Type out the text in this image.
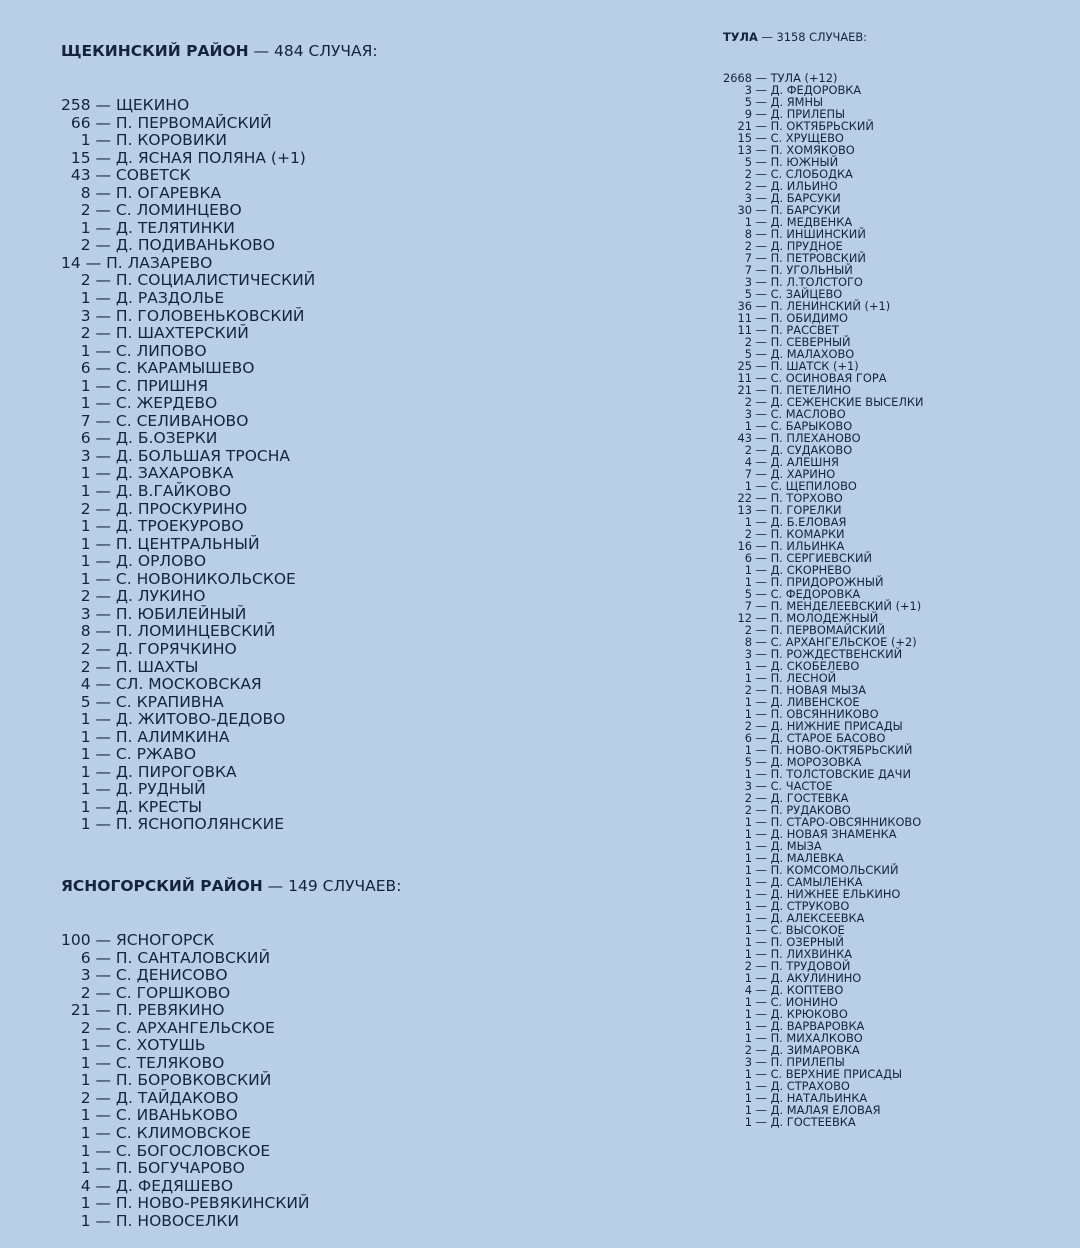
ЩЕКИНСКИЙ РАЙОН — 484 СЛУЧАЯ:

258 — ЩЕКИНО
66 — П. ПЕРВОМАЙСКИЙ
1 — П. КОРОВИКИ
15 — Д. ЯСНАЯ ПОЛЯНА (+1)
43 — СОВЕТСК
8 — П. ОГАРЕВКА
2 — С. ЛОМИНЦЕВО
1 — Д. ТЕЛЯТИНКИ
2 — Д. ПОДИВАНЬКОВО
14 — П. ЛАЗАРЕВО
2 — П. СОЦИАЛИСТИЧЕСКИЙ
1 — Д. РАЗДОЛЬЕ
3 — П. ГОЛОВЕНЬКОВСКИЙ
2 — П. ШАХТЕРСКИЙ
1 — С. ЛИПОВО
6 — С. КАРАМЫШЕВО
1 — С. ПРИШНЯ
1 — С. ЖЕРДЕВО
7 — С. СЕЛИВАНОВО
6 — Д. Б.ОЗЕРКИ
3 — Д. БОЛЬШАЯ ТРОСНА
1 — Д. ЗАХАРОВКА
1 — Д. В.ГАЙКОВО
2 — Д. ПРОСКУРИНО
1 — Д. ТРОЕКУРОВО
1 — П. ЦЕНТРАЛЬНЫЙ
1 — Д. ОРЛОВО
1 — С. НОВОНИКОЛЬСКОЕ
2 — Д. ЛУКИНО
3 — П. ЮБИЛЕЙНЫЙ
8 — П. ЛОМИНЦЕВСКИЙ
2 — Д. ГОРЯЧКИНО
2 — П. ШАХТЫ
4 — СЛ. МОСКОВСКАЯ
5 — С. КРАПИВНА
1 — Д. ЖИТОВО-ДЕДОВО
1 — П. АЛИМКИНА
1 — С. РЖАВО
1 — Д. ПИРОГОВКА
1 — Д. РУДНЫЙ
1 — Д. КРЕСТЫ
1 — П. ЯСНОПОЛЯНСКИЕ

ЯСНОГОРСКИЙ РАЙОН — 149 СЛУЧАЕВ:

100 — ЯСНОГОРСК
6 — П. САНТАЛОВСКИЙ
3 — С. ДЕНИСОВО
2 — С. ГОРШКОВО
21 — П. РЕВЯКИНО
2 — С. АРХАНГЕЛЬСКОЕ
1 — С. ХОТУШЬ
1 — С. ТЕЛЯКОВО
1 — П. БОРОВКОВСКИЙ
2 — Д. ТАЙДАКОВО
1 — С. ИВАНЬКОВО
1 — С. КЛИМОВСКОЕ
1 — С. БОГОСЛОВСКОЕ
1 — П. БОГУЧАРОВО
4 — Д. ФЕДЯШЕВО
1 — П. НОВО-РЕВЯКИНСКИЙ
1 — П. НОВОСЕЛКИ

ТУЛА — 3158 СЛУЧАЕВ:

2668 — ТУЛА (+12)
3 — Д. ФЕДОРОВКА
5 — Д. ЯМНЫ
9 — Д. ПРИЛЕПЫ
21 — П. ОКТЯБРЬСКИЙ
15 — С. ХРУЩЕВО
13 — П. ХОМЯКОВО
5 — П. ЮЖНЫЙ
2 — С. СЛОБОДКА
2 — Д. ИЛЬИНО
3 — Д. БАРСУКИ
30 — П. БАРСУКИ
1 — Д. МЕДВЕНКА
8 — П. ИНШИНСКИЙ
2 — Д. ПРУДНОЕ
7 — П. ПЕТРОВСКИЙ
7 — П. УГОЛЬНЫЙ
3 — П. Л.ТОЛСТОГО
5 — С. ЗАЙЦЕВО
36 — П. ЛЕНИНСКИЙ (+1)
11 — П. ОБИДИМО
11 — П. РАССВЕТ
2 — П. СЕВЕРНЫЙ
5 — Д. МАЛАХОВО
25 — П. ШАТСК (+1)
11 — С. ОСИНОВАЯ ГОРА
21 — П. ПЕТЕЛИНО
2 — Д. СЕЖЕНСКИЕ ВЫСЕЛКИ
3 — С. МАСЛОВО
1 — С. БАРЫКОВО
43 — П. ПЛЕХАНОВО
2 — Д. СУДАКОВО
4 — Д. АЛЕШНЯ
7 — Д. ХАРИНО
1 — С. ЩЕПИЛОВО
22 — П. ТОРХОВО
13 — П. ГОРЕЛКИ
1 — Д. Б.ЕЛОВАЯ
2 — П. КОМАРКИ
16 — П. ИЛЬИНКА
6 — П. СЕРГИЕВСКИЙ
1 — Д. СКОРНЕВО
1 — П. ПРИДОРОЖНЫЙ
5 — С. ФЕДОРОВКА
7 — П. МЕНДЕЛЕЕВСКИЙ (+1)
12 — П. МОЛОДЕЖНЫЙ
2 — П. ПЕРВОМАЙСКИЙ
8 — С. АРХАНГЕЛЬСКОЕ (+2)
3 — П. РОЖДЕСТВЕНСКИЙ
1 — Д. СКОБЕЛЕВО
1 — П. ЛЕСНОЙ
2 — П. НОВАЯ МЫЗА
1 — Д. ЛИВЕНСКОЕ
1 — П. ОВСЯННИКОВО
2 — Д. НИЖНИЕ ПРИСАДЫ
6 — Д. СТАРОЕ БАСОВО
1 — П. НОВО-ОКТЯБРЬСКИЙ
5 — Д. МОРОЗОВКА
1 — П. ТОЛСТОВСКИЕ ДАЧИ
3 — С. ЧАСТОЕ
2 — Д. ГОСТЕВКА
2 — П. РУДАКОВО
1 — П. СТАРО-ОВСЯННИКОВО
1 — Д. НОВАЯ ЗНАМЕНКА
1 — Д. МЫЗА
1 — Д. МАЛЕВКА
1 — П. КОМСОМОЛЬСКИЙ
1 — Д. САМЫЛЕНКА
1 — Д. НИЖНЕЕ ЕЛЬКИНО
1 — Д. СТРУКОВО
1 — Д. АЛЕКСЕЕВКА
1 — С. ВЫСОКОЕ
1 — П. ОЗЕРНЫЙ
1 — П. ЛИХВИНКА
2 — П. ТРУДОВОЙ
1 — Д. АКУЛИНИНО
4 — Д. КОПТЕВО
1 — С. ИОНИНО
1 — Д. КРЮКОВО
1 — Д. ВАРВАРОВКА
1 — П. МИХАЛКОВО
2 — Д. ЗИМАРОВКА
3 — П. ПРИЛЕПЫ
1 — С. ВЕРХНИЕ ПРИСАДЫ
1 — Д. СТРАХОВО
1 — Д. НАТАЛЬИНКА
1 — Д. МАЛАЯ ЕЛОВАЯ
1 — Д. ГОСТЕЕВКА
